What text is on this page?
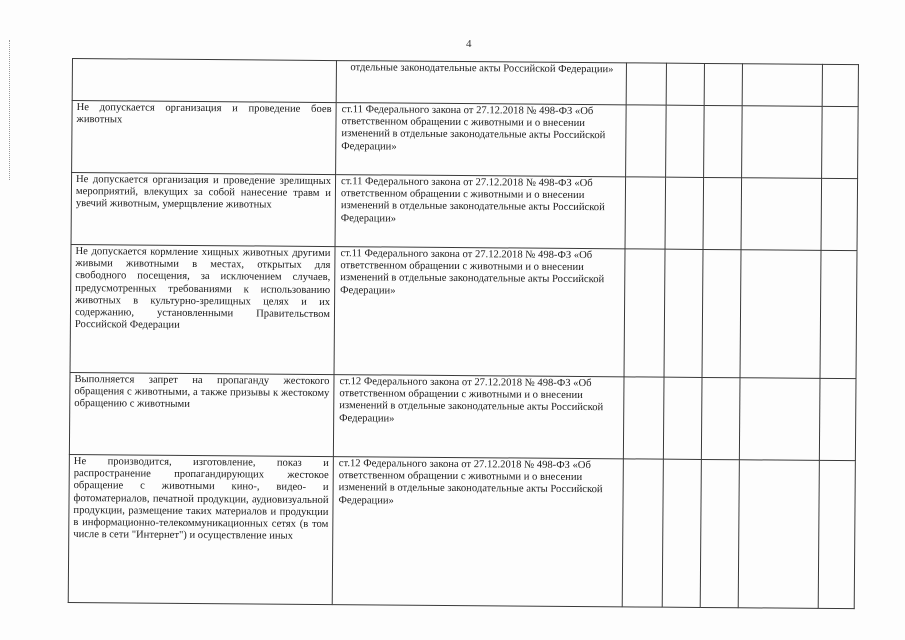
4
	отдельные законодательные акты Российской Федерации»					
Не допускается организация и проведение боев животных	ст.11 Федерального закона от 27.12.2018 № 498-ФЗ «Об ответственном обращении с животными и о внесении изменений в отдельные законодательные акты Российской Федерации»					
Не допускается организация и проведение зрелищных мероприятий, влекущих за собой нанесение травм и увечий животным, умерщвление животных	ст.11 Федерального закона от 27.12.2018 № 498-ФЗ «Об ответственном обращении с животными и о внесении изменений в отдельные законодательные акты Российской Федерации»					
Не допускается кормление хищных животных другими живыми животными в местах, открытых для свободного посещения, за исключением случаев, предусмотренных требованиями к использованию животных в культурно-зрелищных целях и их содержанию, установленными Правительством Российской Федерации	ст.11 Федерального закона от 27.12.2018 № 498-ФЗ «Об ответственном обращении с животными и о внесении изменений в отдельные законодательные акты Российской Федерации»					
Выполняется запрет на пропаганду жестокого обращения с животными, а также призывы к жестокому обращению с животными	ст.12 Федерального закона от 27.12.2018 № 498-ФЗ «Об ответственном обращении с животными и о внесении изменений в отдельные законодательные акты Российской Федерации»					
Не производится, изготовление, показ и распространение пропагандирующих жестокое обращение с животными кино-, видео- и фотоматериалов, печатной продукции, аудиовизуальной продукции, размещение таких материалов и продукции в информационно-телекоммуникационных сетях (в том числе в сети "Интернет") и осуществление иных	ст.12 Федерального закона от 27.12.2018 № 498-ФЗ «Об ответственном обращении с животными и о внесении изменений в отдельные законодательные акты Российской Федерации»					
